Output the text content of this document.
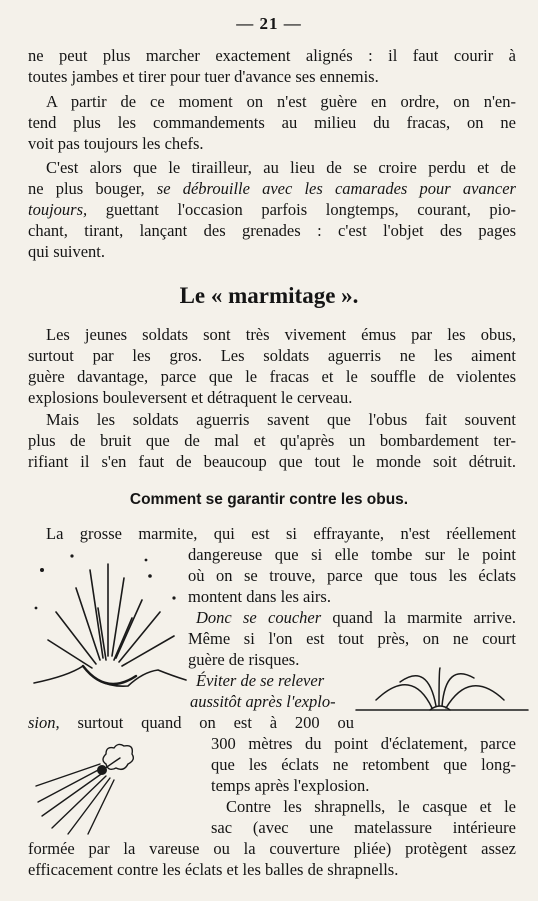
— 21 —
ne peut plus marcher exactement alignés : il faut courir à
toutes jambes et tirer pour tuer d'avance ses ennemis.
A partir de ce moment on n'est guère en ordre, on n'en-
tend plus les commandements au milieu du fracas, on ne
voit pas toujours les chefs.
C'est alors que le tirailleur, au lieu de se croire perdu et de
ne plus bouger, se débrouille avec les camarades pour avancer
toujours, guettant l'occasion parfois longtemps, courant, pio-
chant, tirant, lançant des grenades : c'est l'objet des pages
qui suivent.
Le « marmitage ».
Les jeunes soldats sont très vivement émus par les obus,
surtout par les gros. Les soldats aguerris ne les aiment
guère davantage, parce que le fracas et le souffle de violentes
explosions bouleversent et détraquent le cerveau.
Mais les soldats aguerris savent que l'obus fait souvent
plus de bruit que de mal et qu'après un bombardement ter-
rifiant il s'en faut de beaucoup que tout le monde soit détruit.
Comment se garantir contre les obus.
La grosse marmite, qui est si effrayante, n'est réellement
dangereuse que si elle tombe sur le point
où on se trouve, parce que tous les éclats
montent dans les airs.
Donc se coucher quand la marmite arrive.
Même si l'on est tout près, on ne court
guère de risques.
Éviter de se relever
aussitôt après l'explo-
sion, surtout quand on est à 200 ou
300 mètres du point d'éclatement, parce
que les éclats ne retombent que long-
temps après l'explosion.
Contre les shrapnells, le casque et le
sac (avec une matelassure intérieure
formée par la vareuse ou la couverture pliée) protègent assez
efficacement contre les éclats et les balles de shrapnells.
